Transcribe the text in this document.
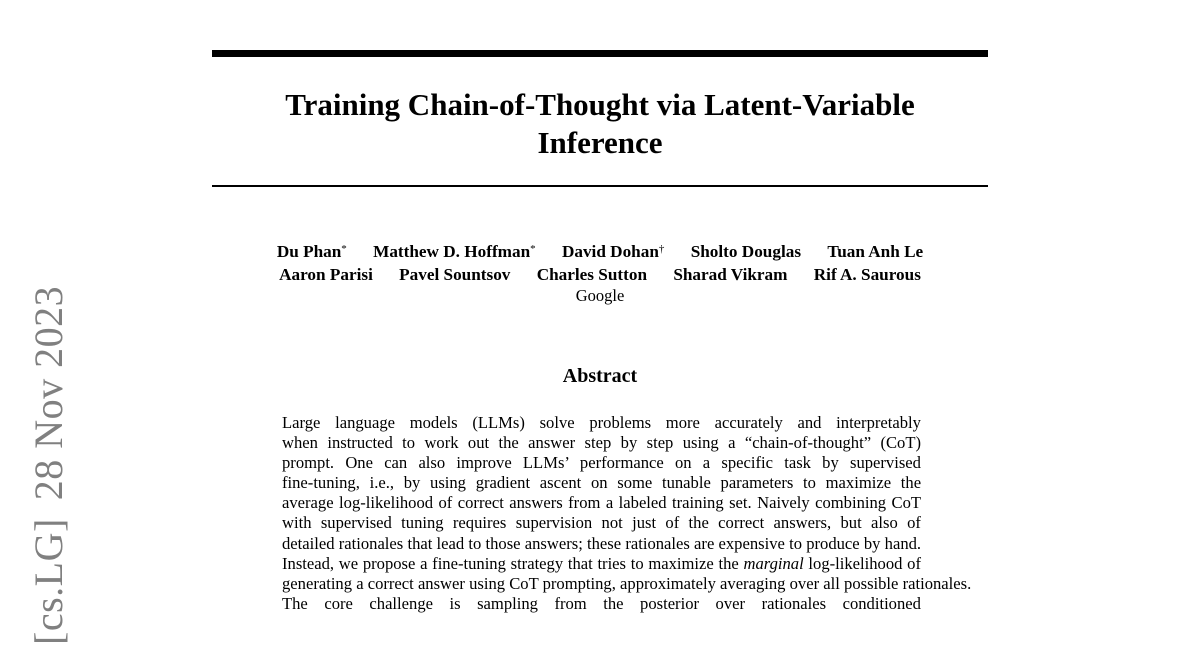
Training Chain-of-Thought via Latent-Variable
Inference
Du Phan* Matthew D. Hoffman* David Dohan† Sholto Douglas Tuan Anh Le
Aaron Parisi Pavel Sountsov Charles Sutton Sharad Vikram Rif A. Saurous
Google
Abstract
Large language models (LLMs) solve problems more accurately and interpretably
when instructed to work out the answer step by step using a “chain-of-thought” (CoT)
prompt. One can also improve LLMs’ performance on a specific task by supervised
fine-tuning, i.e., by using gradient ascent on some tunable parameters to maximize the
average log-likelihood of correct answers from a labeled training set. Naively combining CoT
with supervised tuning requires supervision not just of the correct answers, but also of
detailed rationales that lead to those answers; these rationales are expensive to produce by hand.
Instead, we propose a fine-tuning strategy that tries to maximize the marginal log-likelihood of
generating a correct answer using CoT prompting, approximately averaging over all possible rationales.
The core challenge is sampling from the posterior over rationales conditioned
[cs.LG]28 Nov 2023
